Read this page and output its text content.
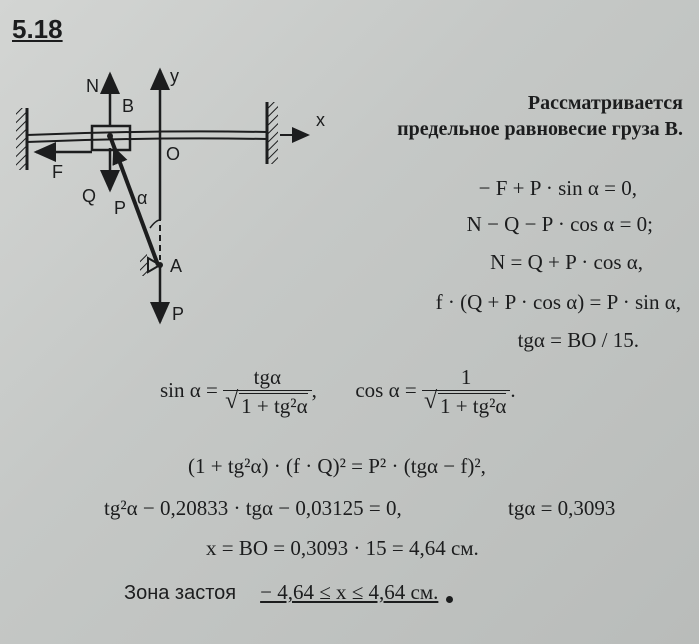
5.18
N	y
B
x
O
F
Q
P α
A
P
Рассматривается
предельное равновесие груза B.
− F + P · sin α = 0,
N − Q − P · cos α = 0;
N = Q + P · cos α,
f · (Q + P · cos α) = P · sin α,
tgα = BO / 15.
sin α = tgα
√ 1 + tg²α , cos α = 1
√ 1 + tg²α .
(1 + tg²α) · (f · Q)² = P² · (tgα − f)²,
tg²α − 0,20833 · tgα − 0,03125 = 0,	tgα = 0,3093
x = BO = 0,3093 · 15 = 4,64 см.
Зона застоя − 4,64 ≤ x ≤ 4,64 см.
